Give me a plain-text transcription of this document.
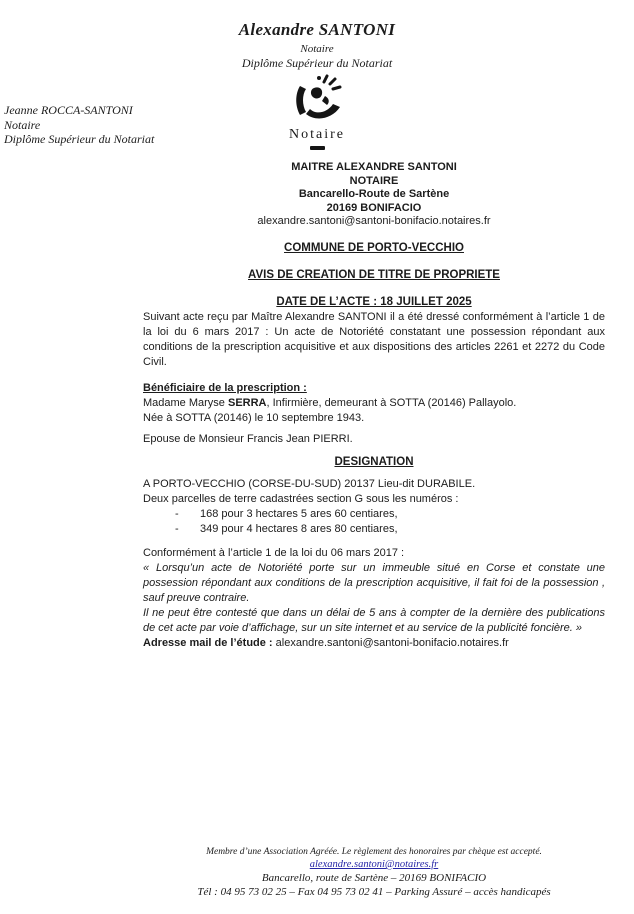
Alexandre SANTONI
Notaire
Diplôme Supérieur du Notariat
Jeanne ROCCA-SANTONI
Notaire
Diplôme Supérieur du Notariat	Notaire
MAITRE ALEXANDRE SANTONI
NOTAIRE
Bancarello-Route de Sartène
20169 BONIFACIO
alexandre.santoni@santoni-bonifacio.notaires.fr
COMMUNE DE PORTO-VECCHIO
AVIS DE CREATION DE TITRE DE PROPRIETE
DATE DE L’ACTE : 18 JUILLET 2025

Suivant acte reçu par Maître Alexandre SANTONI il a été dressé conformément à l’article 1 de la loi du 6 mars 2017 : Un acte de Notoriété constatant une possession répondant aux conditions de la prescription acquisitive et aux dispositions des articles 2261 et 2272 du Code Civil.

Bénéficiaire de la prescription :
Madame Maryse SERRA, Infirmière, demeurant à SOTTA (20146) Pallayolo.
Née à SOTTA (20146) le 10 septembre 1943.
Epouse de Monsieur Francis Jean PIERRI.
DESIGNATION
A PORTO-VECCHIO (CORSE-DU-SUD) 20137 Lieu-dit DURABILE.
Deux parcelles de terre cadastrées section G sous les numéros :
-	168 pour 3 hectares 5 ares 60 centiares,
-	349 pour 4 hectares 8 ares 80 centiares,
Conformément à l’article 1 de la loi du 06 mars 2017 :
« Lorsqu’un acte de Notoriété porte sur un immeuble situé en Corse et constate une possession répondant aux conditions de la prescription acquisitive, il fait foi de la possession , sauf preuve contraire.
Il ne peut être contesté que dans un délai de 5 ans à compter de la dernière des publications de cet acte par voie d’affichage, sur un site internet et au service de la publicité foncière. »
Adresse mail de l’étude : alexandre.santoni@santoni-bonifacio.notaires.fr
Membre d’une Association Agréée. Le règlement des honoraires par chèque est accepté.
alexandre.santoni@notaires.fr
Bancarello, route de Sartène – 20169 BONIFACIO
Tél : 04 95 73 02 25 – Fax 04 95 73 02 41 – Parking Assuré – accès handicapés
